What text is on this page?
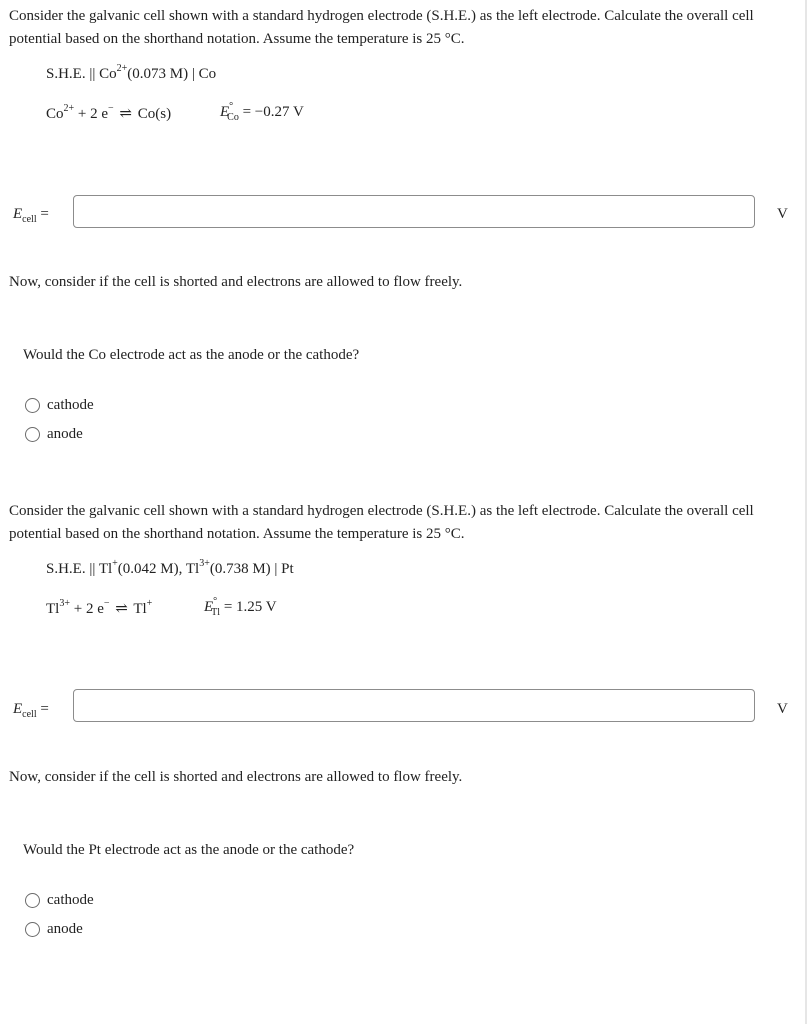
Consider the galvanic cell shown with a standard hydrogen electrode (S.H.E.) as the left electrode. Calculate the overall cell potential based on the shorthand notation. Assume the temperature is 25 °C.
S.H.E. || $Co^{2+}(0.073$ M) | Co
$Co^{2+} + 2$ e− ⇌ Co(s)	$E^\circ_{Co} = -0.27$ V
$E_{cell}$ =	V
Now, consider if the cell is shorted and electrons are allowed to flow freely.
Would the Co electrode act as the anode or the cathode?
cathode
anode
Consider the galvanic cell shown with a standard hydrogen electrode (S.H.E.) as the left electrode. Calculate the overall cell potential based on the shorthand notation. Assume the temperature is 25 °C.
S.H.E. || Tl+(0.042 M), $Tl^{3+}(0.738$ M) | Pt
$Tl^{3+} + 2$ e− ⇌ Tl+	$E^\circ_{Tl} = 1.25$ V
$E_{cell}$ =	V
Now, consider if the cell is shorted and electrons are allowed to flow freely.
Would the Pt electrode act as the anode or the cathode?
cathode
anode
